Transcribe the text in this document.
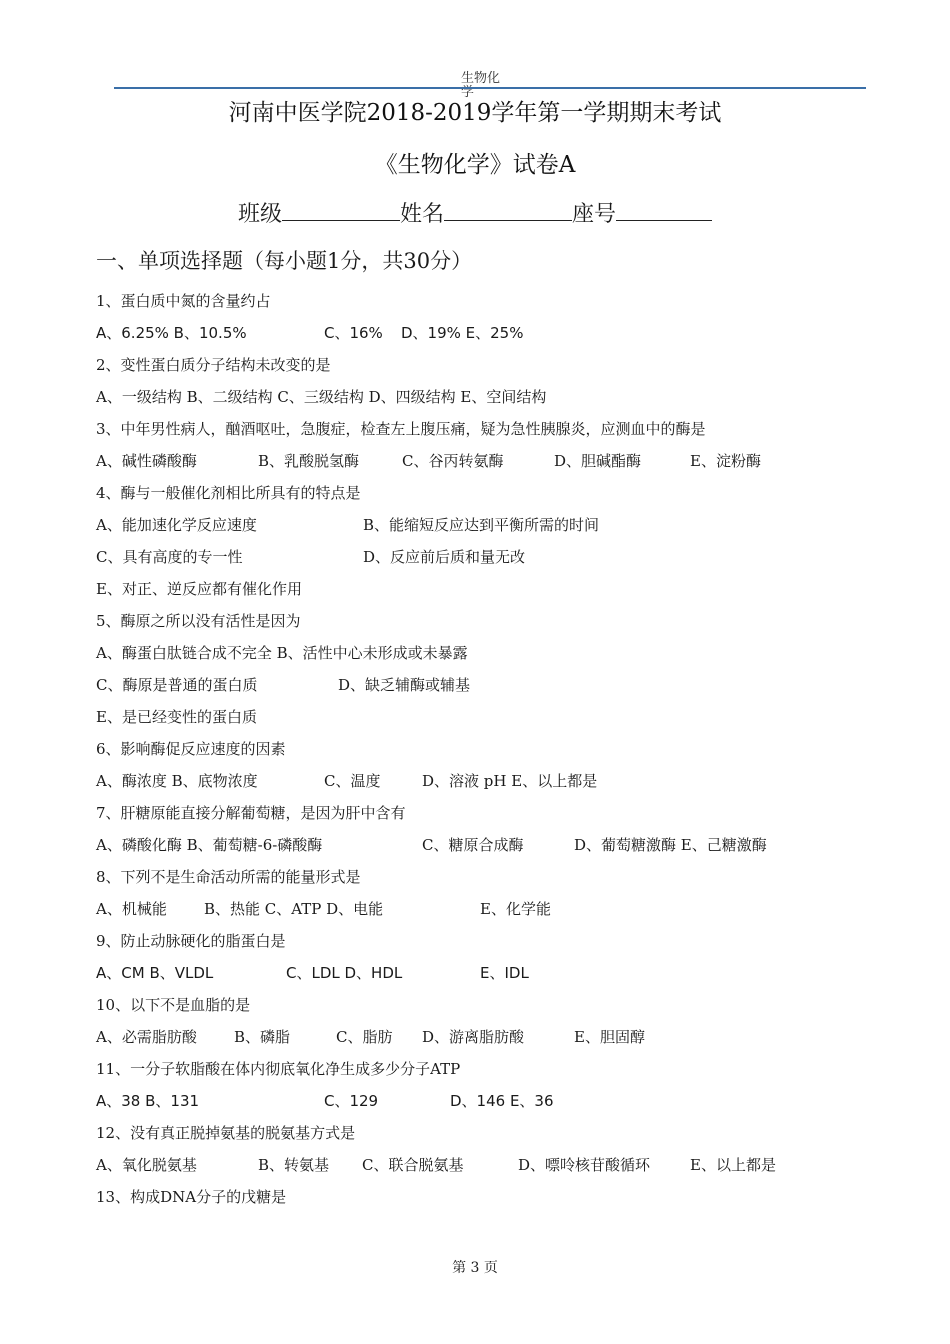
生物化学
河南中医学院2018-2019学年第一学期期末考试
《生物化学》试卷A
班级	姓名	座号
一、单项选择题（每小题1分，共30分）
1、蛋白质中氮的含量约占
A、6.25% B、10.5%	C、16% D、19% E、25%
2、变性蛋白质分子结构未改变的是
A、一级结构 B、二级结构 C、三级结构 D、四级结构 E、空间结构
3、中年男性病人，酗酒呕吐，急腹症，检查左上腹压痛，疑为急性胰腺炎，应测血中的酶是
A、碱性磷酸酶	B、乳酸脱氢酶	C、谷丙转氨酶	D、胆碱酯酶	E、淀粉酶
4、酶与一般催化剂相比所具有的特点是
A、能加速化学反应速度	B、能缩短反应达到平衡所需的时间
C、具有高度的专一性	D、反应前后质和量无改
E、对正、逆反应都有催化作用
5、酶原之所以没有活性是因为
A、酶蛋白肽链合成不完全 B、活性中心未形成或未暴露
C、酶原是普通的蛋白质	D、缺乏辅酶或辅基
E、是已经变性的蛋白质
6、影响酶促反应速度的因素
A、酶浓度 B、底物浓度	C、温度	D、溶液 pH E、以上都是
7、肝糖原能直接分解葡萄糖，是因为肝中含有
A、磷酸化酶 B、葡萄糖-6-磷酸酶	C、糖原合成酶	D、葡萄糖激酶 E、己糖激酶
8、下列不是生命活动所需的能量形式是
A、机械能 B、热能 C、ATP D、电能	E、化学能
9、防止动脉硬化的脂蛋白是
A、CM B、VLDL	C、LDL D、HDL	E、IDL
10、以下不是血脂的是
A、必需脂肪酸 B、磷脂	C、脂肪 D、游离脂肪酸	E、胆固醇
11、一分子软脂酸在体内彻底氧化净生成多少分子ATP
A、38 B、131	C、129	D、146 E、36
12、没有真正脱掉氨基的脱氨基方式是
A、氧化脱氨基	B、转氨基 C、联合脱氨基	D、嘌呤核苷酸循环	E、以上都是
13、构成DNA分子的戊糖是
第 3 页
